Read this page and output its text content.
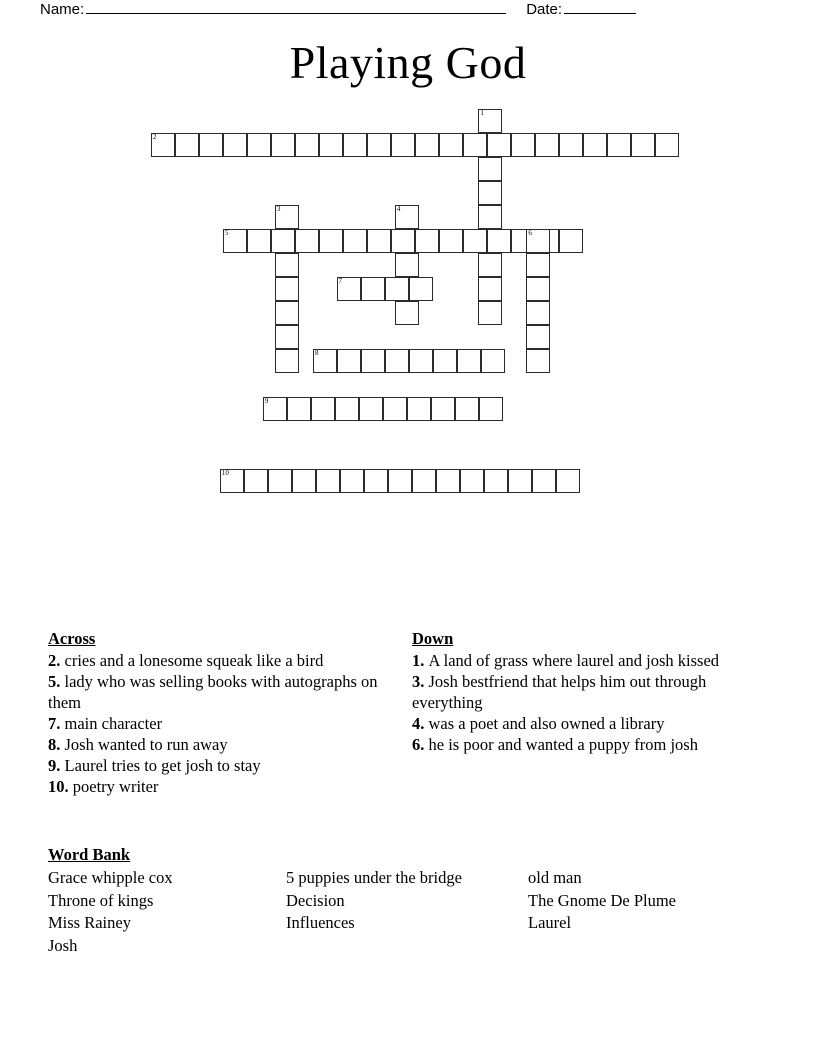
Name:	Date:
Playing God
1
2
3	4
5	6
7
8
9
10
Across
2. cries and a lonesome squeak like a bird
5. lady who was selling books with autographs on them
7. main character
8. Josh wanted to run away
9. Laurel tries to get josh to stay
10. poetry writer
Down
1. A land of grass where laurel and josh kissed
3. Josh bestfriend that helps him out through everything
4. was a poet and also owned a library
6. he is poor and wanted a puppy from josh
Word Bank
Grace whipple cox	5 puppies under the bridge	old man
Throne of kings	Decision	The Gnome De Plume
Miss Rainey	Influences	Laurel
Josh
